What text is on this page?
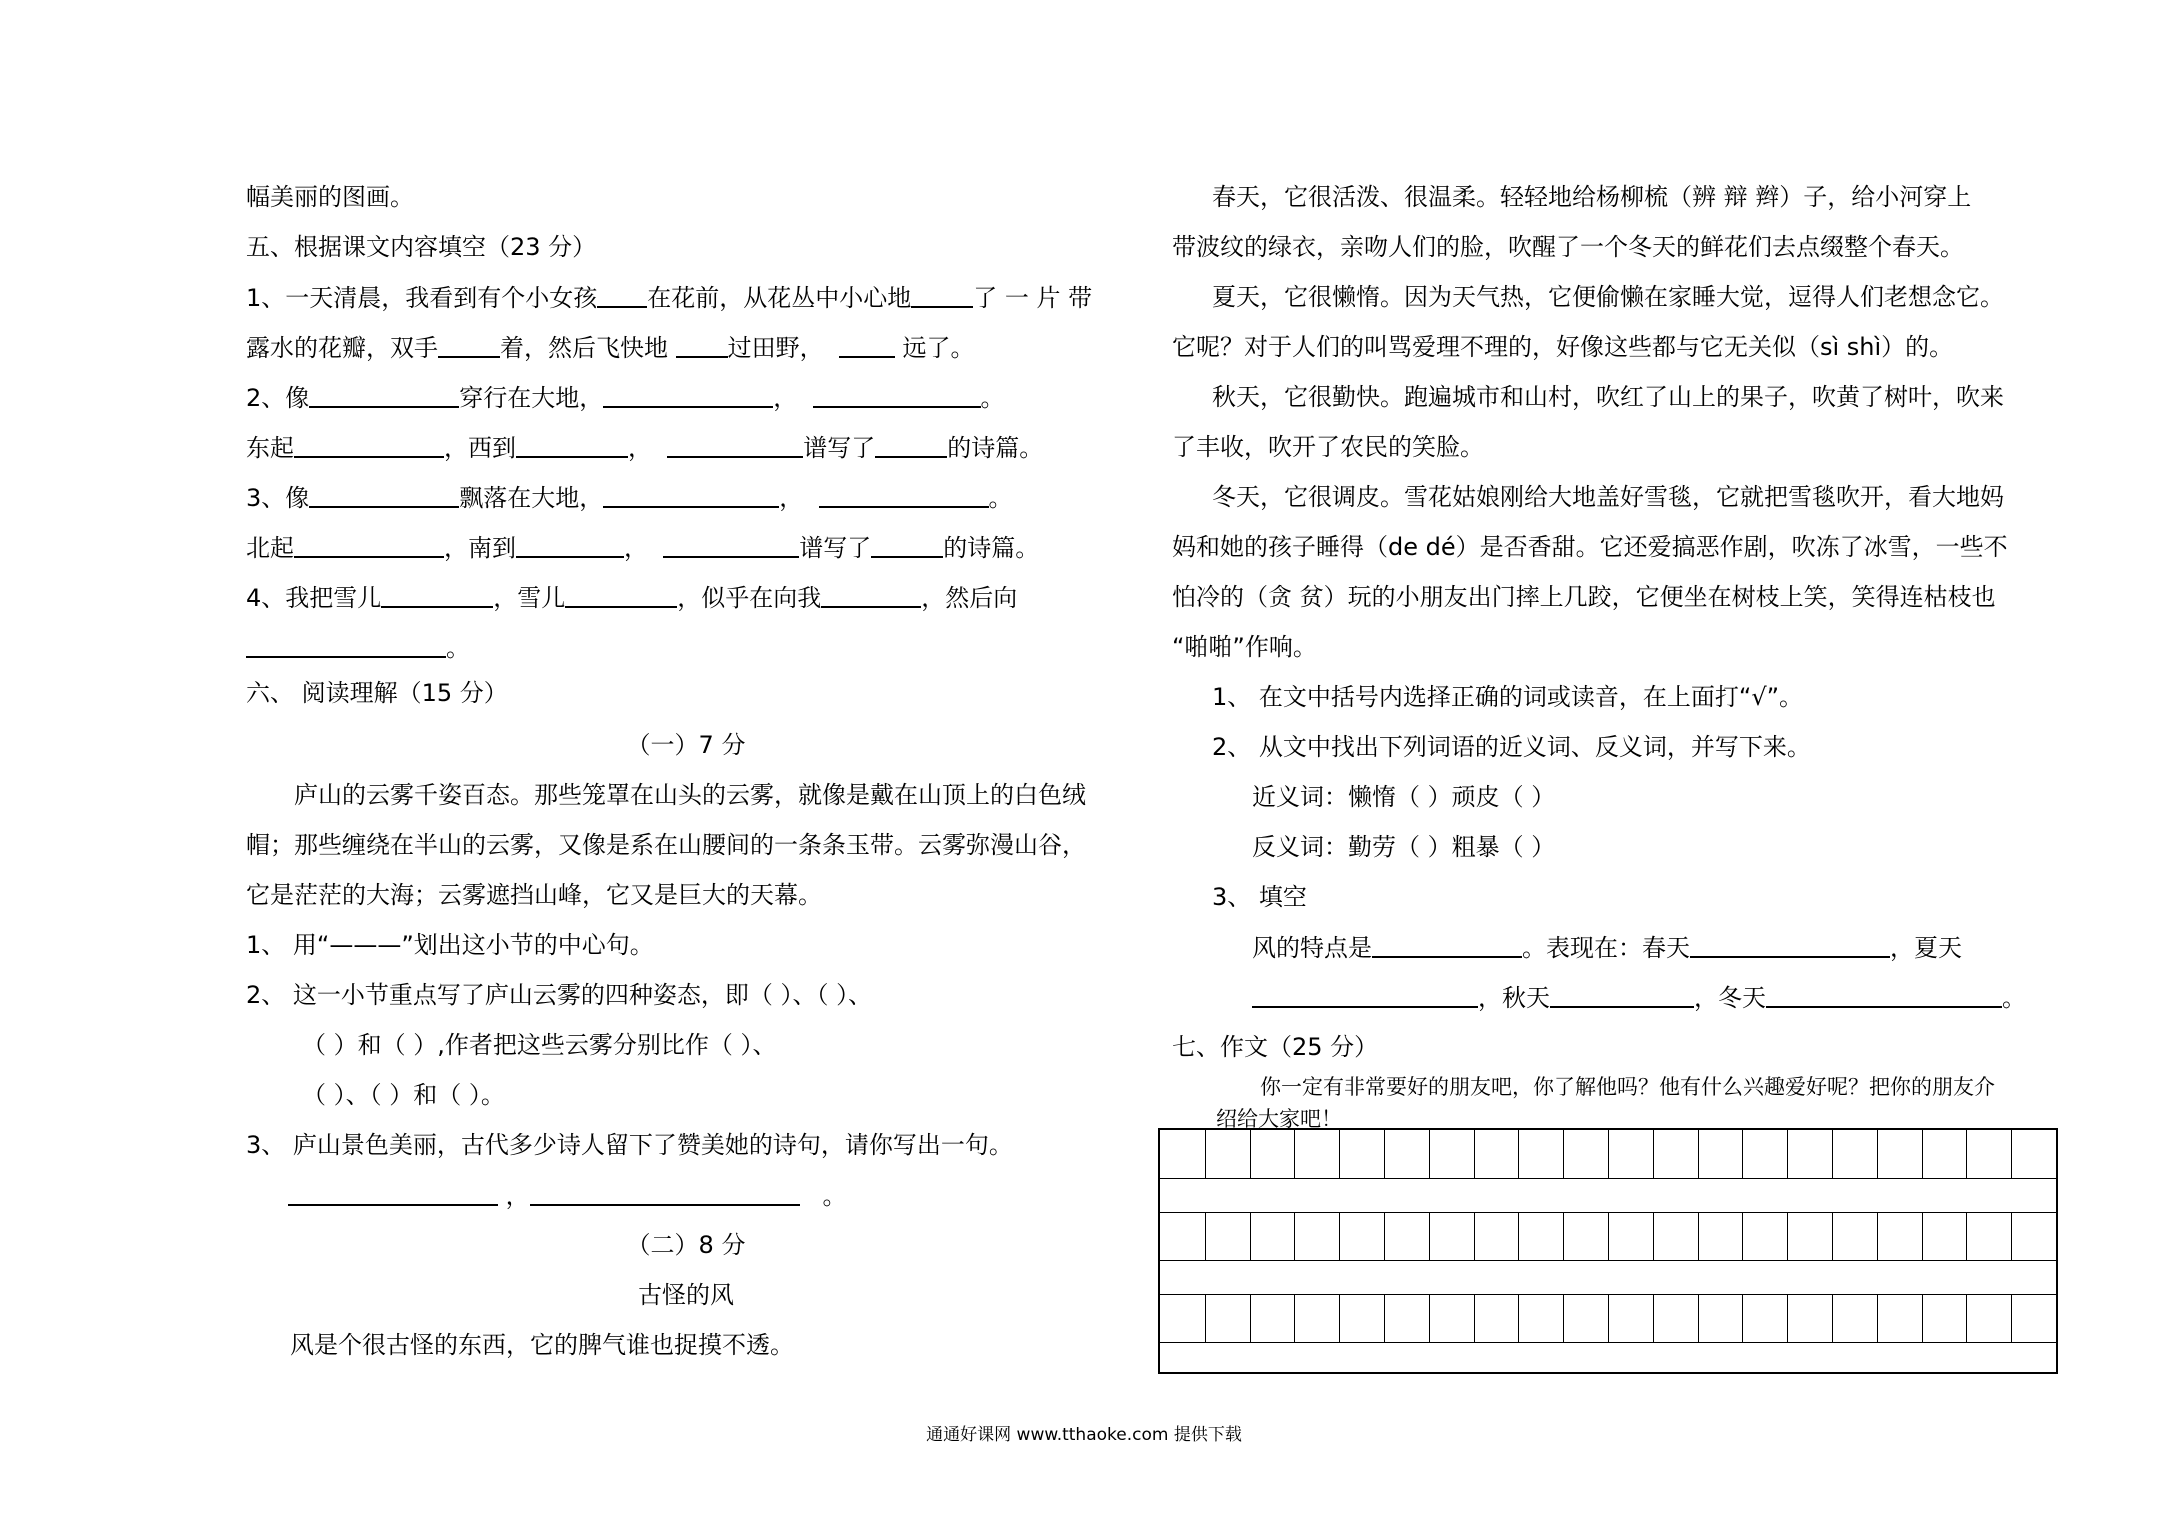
幅美丽的图画。
五、根据课文内容填空（23 分）
1、一天清晨，我看到有个小女孩 在花前，从花丛中小心地	了 一 片 带
露水的花瓣，双手	着，然后飞快地 过田野，	远了。
2、像	穿行在大地，	，	。
东起	，西到	，	谱写了	的诗篇。
3、像	飘落在大地，	，	。
北起	，南到	，	谱写了	的诗篇。
4、我把雪儿	，雪儿	，似乎在向我	，然后向
。
六、 阅读理解（15 分）
（一）7 分
庐山的云雾千姿百态。那些笼罩在山头的云雾，就像是戴在山顶上的白色绒
帽；那些缠绕在半山的云雾，又像是系在山腰间的一条条玉带。云雾弥漫山谷，
它是茫茫的大海；云雾遮挡山峰，它又是巨大的天幕。
1、 用“———”划出这小节的中心句。
2、 这一小节重点写了庐山云雾的四种姿态，即（ ）、（ ）、
（ ）和（ ）,作者把这些云雾分别比作（ ）、
（ ）、（ ）和（ ）。
3、 庐山景色美丽，古代多少诗人留下了赞美她的诗句，请你写出一句。
，	。
（二）8 分
古怪的风
风是个很古怪的东西，它的脾气谁也捉摸不透。
春天，它很活泼、很温柔。轻轻地给杨柳梳（辨 辩 辫）子，给小河穿上
带波纹的绿衣，亲吻人们的脸，吹醒了一个冬天的鲜花们去点缀整个春天。
夏天，它很懒惰。因为天气热，它便偷懒在家睡大觉，逗得人们老想念它。
它呢？对于人们的叫骂爱理不理的，好像这些都与它无关似（sì shì）的。
秋天，它很勤快。跑遍城市和山村，吹红了山上的果子，吹黄了树叶，吹来
了丰收，吹开了农民的笑脸。
冬天，它很调皮。雪花姑娘刚给大地盖好雪毯，它就把雪毯吹开，看大地妈
妈和她的孩子睡得（de dé）是否香甜。它还爱搞恶作剧，吹冻了冰雪，一些不
怕冷的（贪 贫）玩的小朋友出门摔上几跤，它便坐在树枝上笑，笑得连枯枝也
“啪啪”作响。
1、 在文中括号内选择正确的词或读音，在上面打“√”。
2、 从文中找出下列词语的近义词、反义词，并写下来。
近义词：懒惰（ ）顽皮（ ）
反义词：勤劳（ ）粗暴（ ）
3、 填空
风的特点是	。表现在：春天	，夏天
，秋天	，冬天	。
七、作文（25 分）
你一定有非常要好的朋友吧，你了解他吗？他有什么兴趣爱好呢？把你的朋友介
绍给大家吧！
通通好课网 www.tthaoke.com 提供下载
